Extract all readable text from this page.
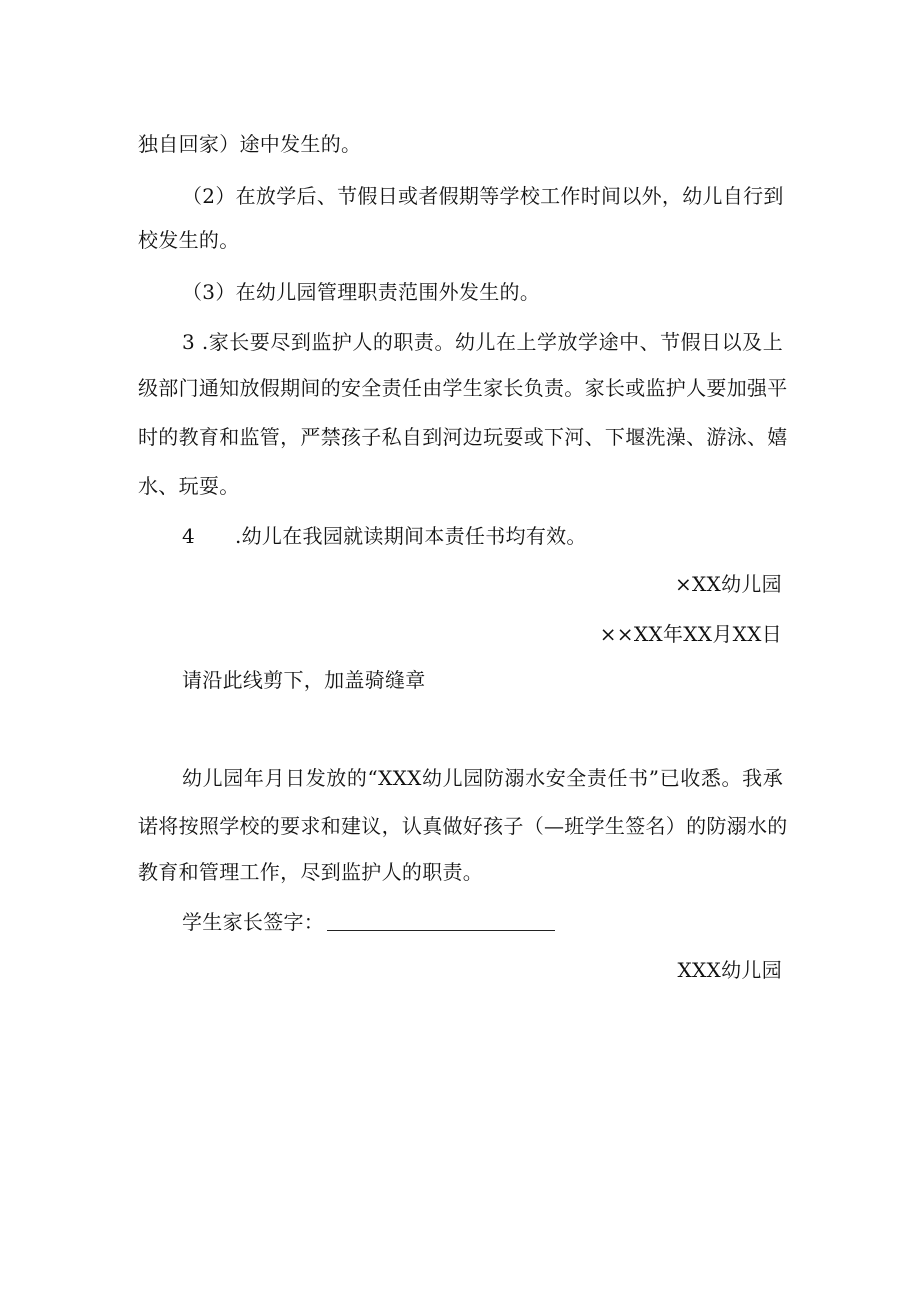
独自回家）途中发生的。
（2）在放学后、节假日或者假期等学校工作时间以外，幼儿自行到
校发生的。
（3）在幼儿园管理职责范围外发生的。
3 .家长要尽到监护人的职责。幼儿在上学放学途中、节假日以及上
级部门通知放假期间的安全责任由学生家长负责。家长或监护人要加强平
时的教育和监管，严禁孩子私自到河边玩耍或下河、下堰洗澡、游泳、嬉
水、玩耍。
4      .幼儿在我园就读期间本责任书均有效。
×XX幼儿园
××XX年XX月XX日
请沿此线剪下，加盖骑缝章
幼儿园年月日发放的“XXX幼儿园防溺水安全责任书”已收悉。我承
诺将按照学校的要求和建议，认真做好孩子（—班学生签名）的防溺水的
教育和管理工作，尽到监护人的职责。
学生家长签字：
XXX幼儿园
